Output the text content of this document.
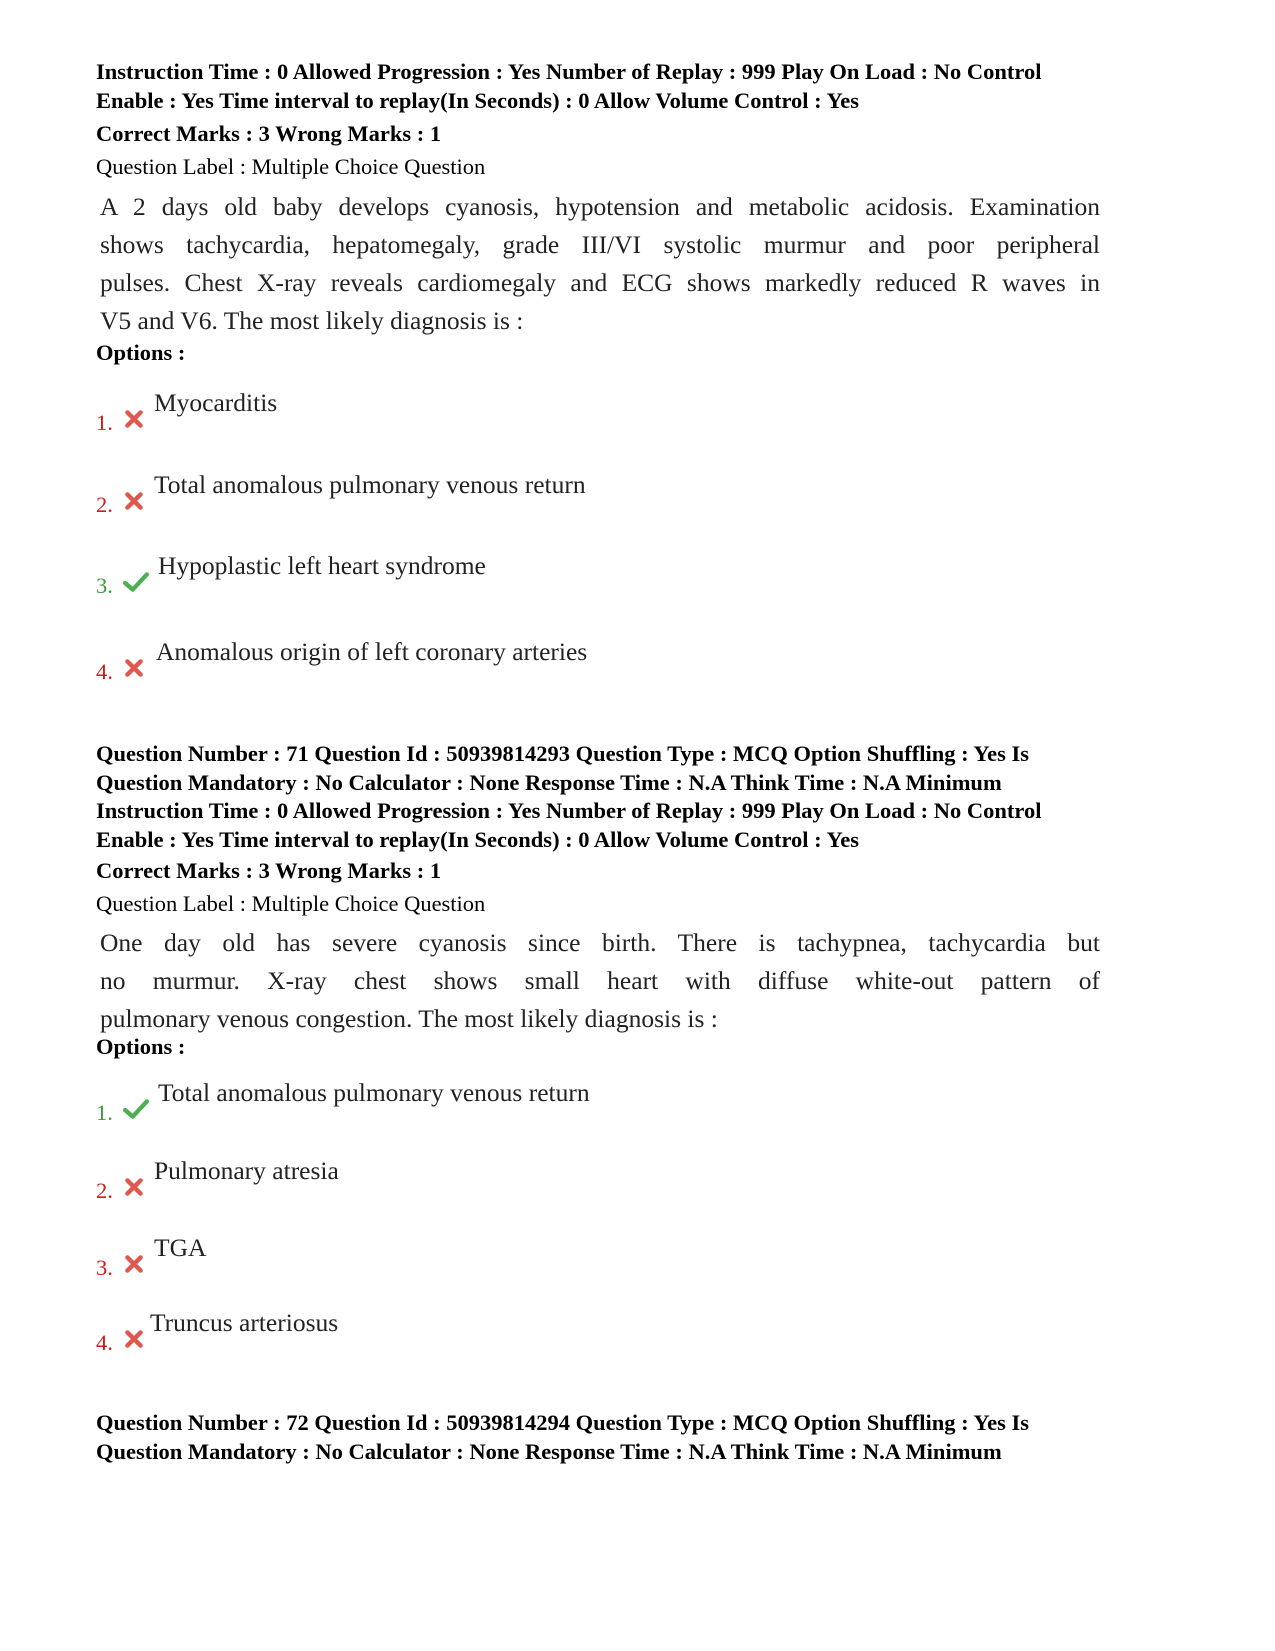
Instruction Time : 0 Allowed Progression : Yes Number of Replay : 999 Play On Load : No Control
Enable : Yes Time interval to replay(In Seconds) : 0 Allow Volume Control : Yes
Correct Marks : 3 Wrong Marks : 1
Question Label : Multiple Choice Question
A 2 days old baby develops cyanosis, hypotension and metabolic acidosis. Examination
shows tachycardia, hepatomegaly, grade III/VI systolic murmur and poor peripheral
pulses. Chest X-ray reveals cardiomegaly and ECG shows markedly reduced R waves in
V5 and V6. The most likely diagnosis is :
Options :
1.
Myocarditis
2.
Total anomalous pulmonary venous return
3.
Hypoplastic left heart syndrome
4.
Anomalous origin of left coronary arteries
Question Number : 71 Question Id : 50939814293 Question Type : MCQ Option Shuffling : Yes Is
Question Mandatory : No Calculator : None Response Time : N.A Think Time : N.A Minimum
Instruction Time : 0 Allowed Progression : Yes Number of Replay : 999 Play On Load : No Control
Enable : Yes Time interval to replay(In Seconds) : 0 Allow Volume Control : Yes
Correct Marks : 3 Wrong Marks : 1
Question Label : Multiple Choice Question
One day old has severe cyanosis since birth. There is tachypnea, tachycardia but
no murmur. X-ray chest shows small heart with diffuse white-out pattern of
pulmonary venous congestion. The most likely diagnosis is :
Options :
1.
Total anomalous pulmonary venous return
2.
Pulmonary atresia
3.
TGA
4.
Truncus arteriosus
Question Number : 72 Question Id : 50939814294 Question Type : MCQ Option Shuffling : Yes Is
Question Mandatory : No Calculator : None Response Time : N.A Think Time : N.A Minimum
